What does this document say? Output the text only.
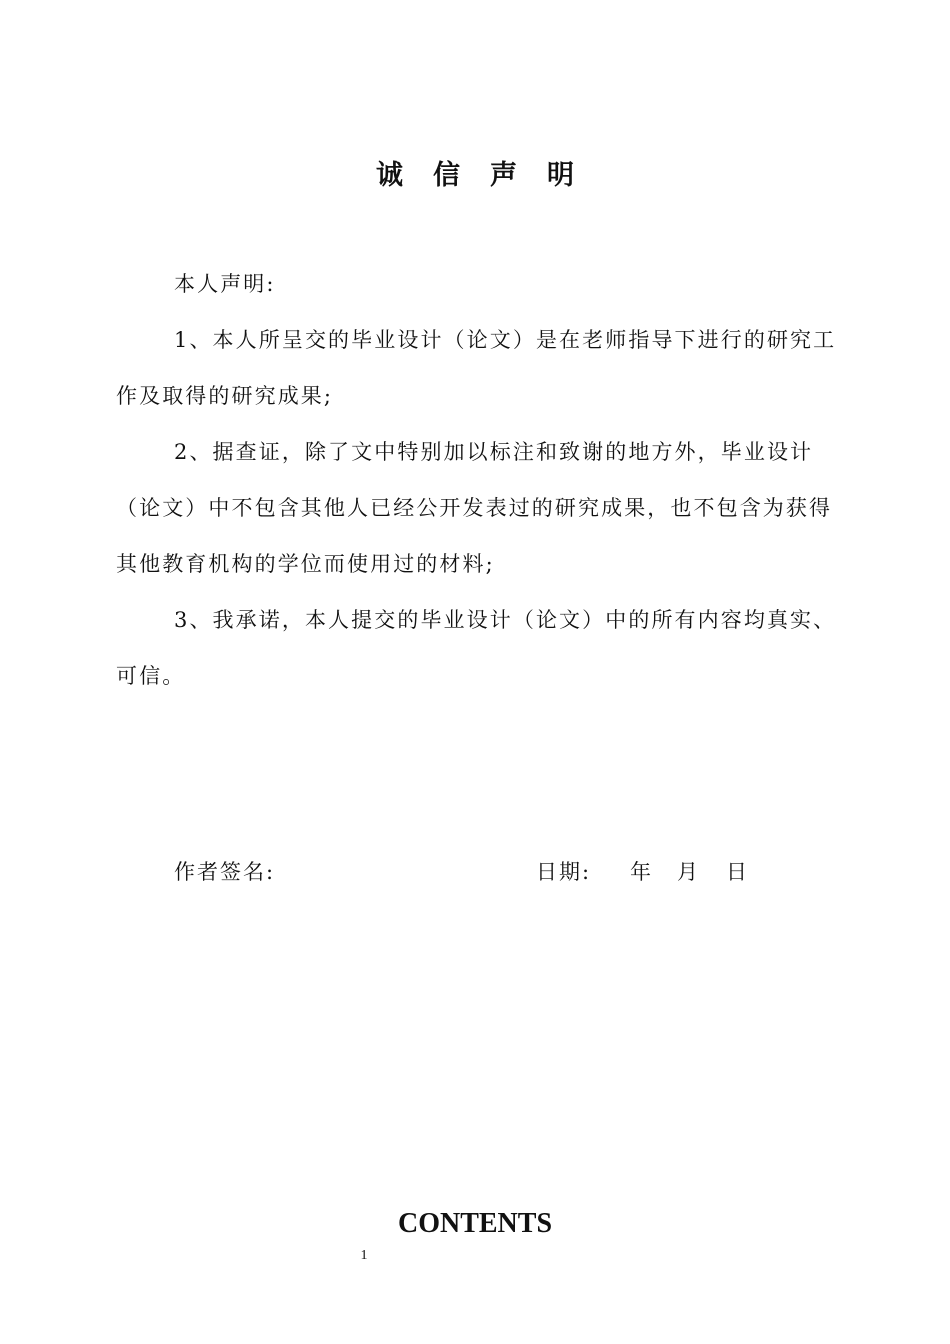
诚信声明

本人声明:

1、本人所呈交的毕业设计（论文）是在老师指导下进行的研究工作及取得的研究成果;

2、据查证，除了文中特别加以标注和致谢的地方外，毕业设计（论文）中不包含其他人已经公开发表过的研究成果，也不包含为获得其他教育机构的学位而使用过的材料;

3、我承诺，本人提交的毕业设计（论文）中的所有内容均真实、可信。

作者签名:	日期: 年 月 日
CONTENTS
1
